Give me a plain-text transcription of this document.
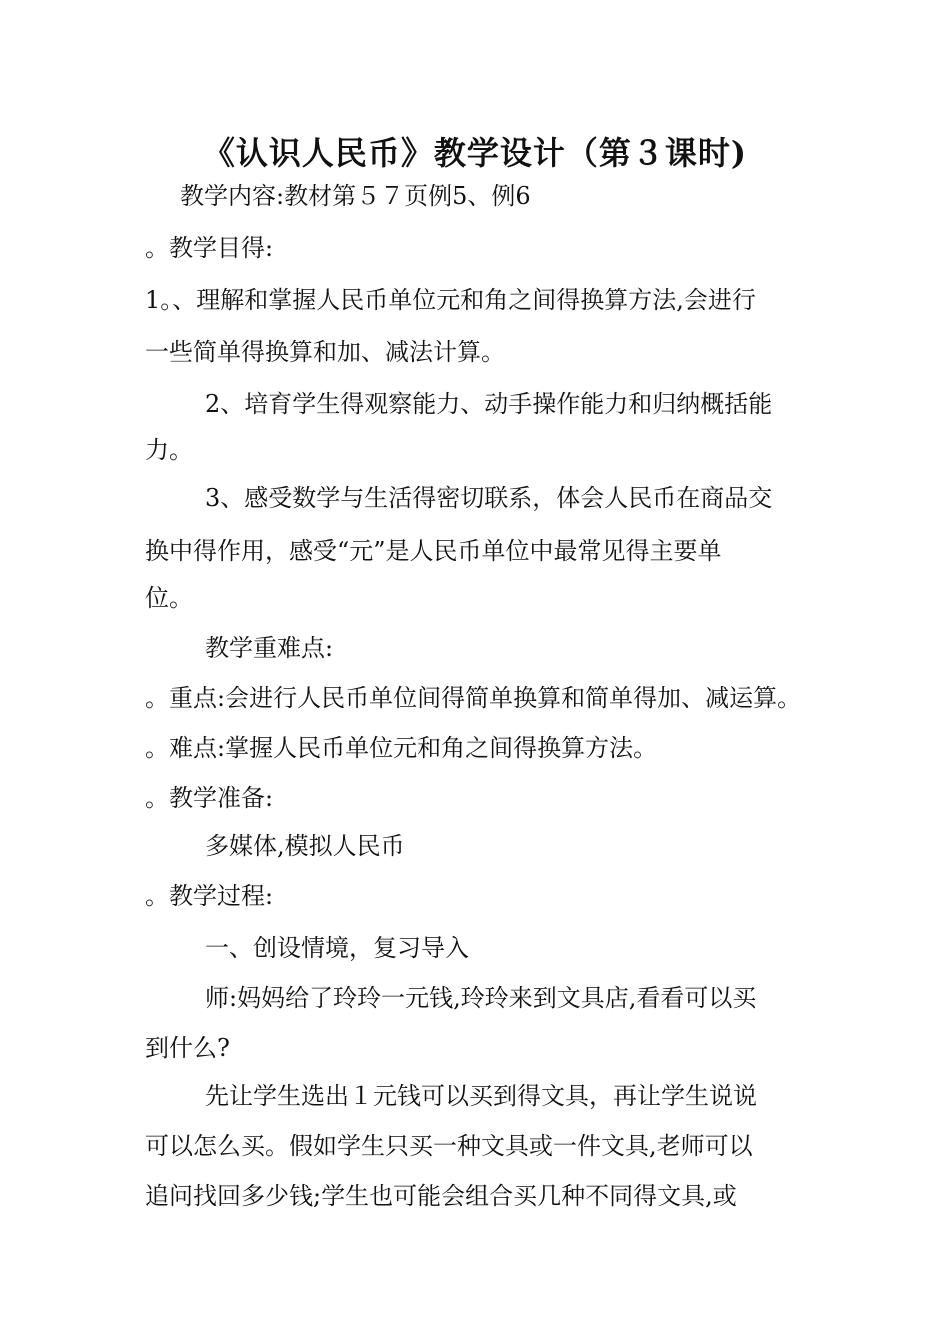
《认识人民币》教学设计（第３课时)
教学内容:教材第５７页例5、例6
。教学目得:
1。、理解和掌握人民币单位元和角之间得换算方法,会进行
一些简单得换算和加、减法计算。
2、培育学生得观察能力、动手操作能力和归纳概括能
力。
3、感受数学与生活得密切联系，体会人民币在商品交
换中得作用，感受“元”是人民币单位中最常见得主要单
位。
教学重难点:
。重点:会进行人民币单位间得简单换算和简单得加、减运算。
。难点:掌握人民币单位元和角之间得换算方法。
。教学准备:
多媒体,模拟人民币
。教学过程:
一、创设情境，复习导入
师:妈妈给了玲玲一元钱,玲玲来到文具店,看看可以买
到什么?
先让学生选出１元钱可以买到得文具，再让学生说说
可以怎么买。假如学生只买一种文具或一件文具,老师可以
追问找回多少钱;学生也可能会组合买几种不同得文具,或
